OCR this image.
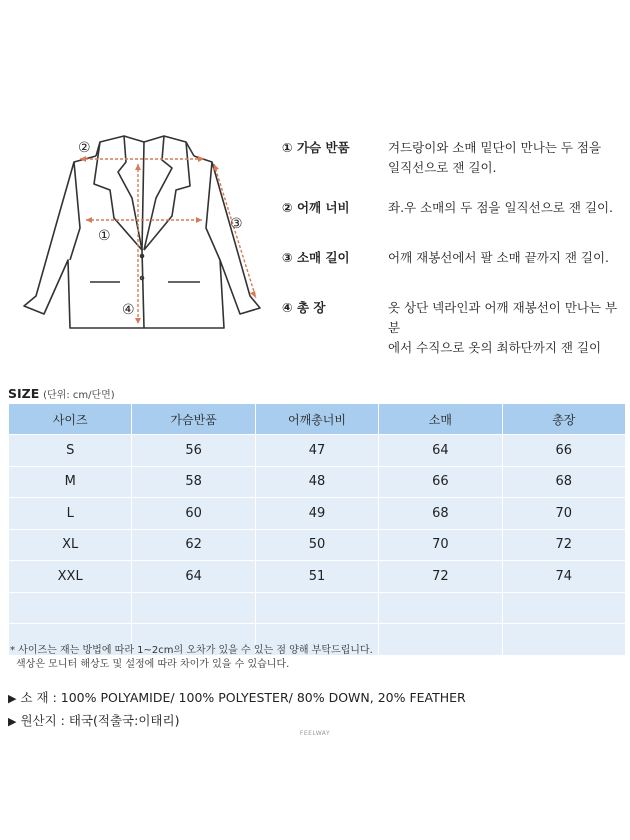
②
①
③
④
① 가슴 반품	겨드랑이와 소매 밑단이 만나는 두 점을
일직선으로 잰 길이.
② 어깨 너비	좌.우 소매의 두 점을 일직선으로 잰 길이.
③ 소매 길이	어깨 재봉선에서 팔 소매 끝까지 잰 길이.
④ 총 장	옷 상단 넥라인과 어깨 재봉선이 만나는 부분
에서 수직으로 옷의 최하단까지 잰 길이
SIZE (단위: cm/단면)
사이즈	가슴반품	어깨총너비	소매	총장
S	56	47	64	66
M	58	48	66	68
L	60	49	68	70
XL	62	50	70	72
XXL	64	51	72	74

* 사이즈는 재는 방법에 따라 1~2cm의 오차가 있을 수 있는 점 양해 부탁드립니다.
색상은 모니터 해상도 및 설정에 따라 차이가 있을 수 있습니다.
▶ 소 재 : 100% POLYAMIDE/ 100% POLYESTER/ 80% DOWN, 20% FEATHER
▶ 원산지 : 태국(적출국:이태리)
FEELWAY
